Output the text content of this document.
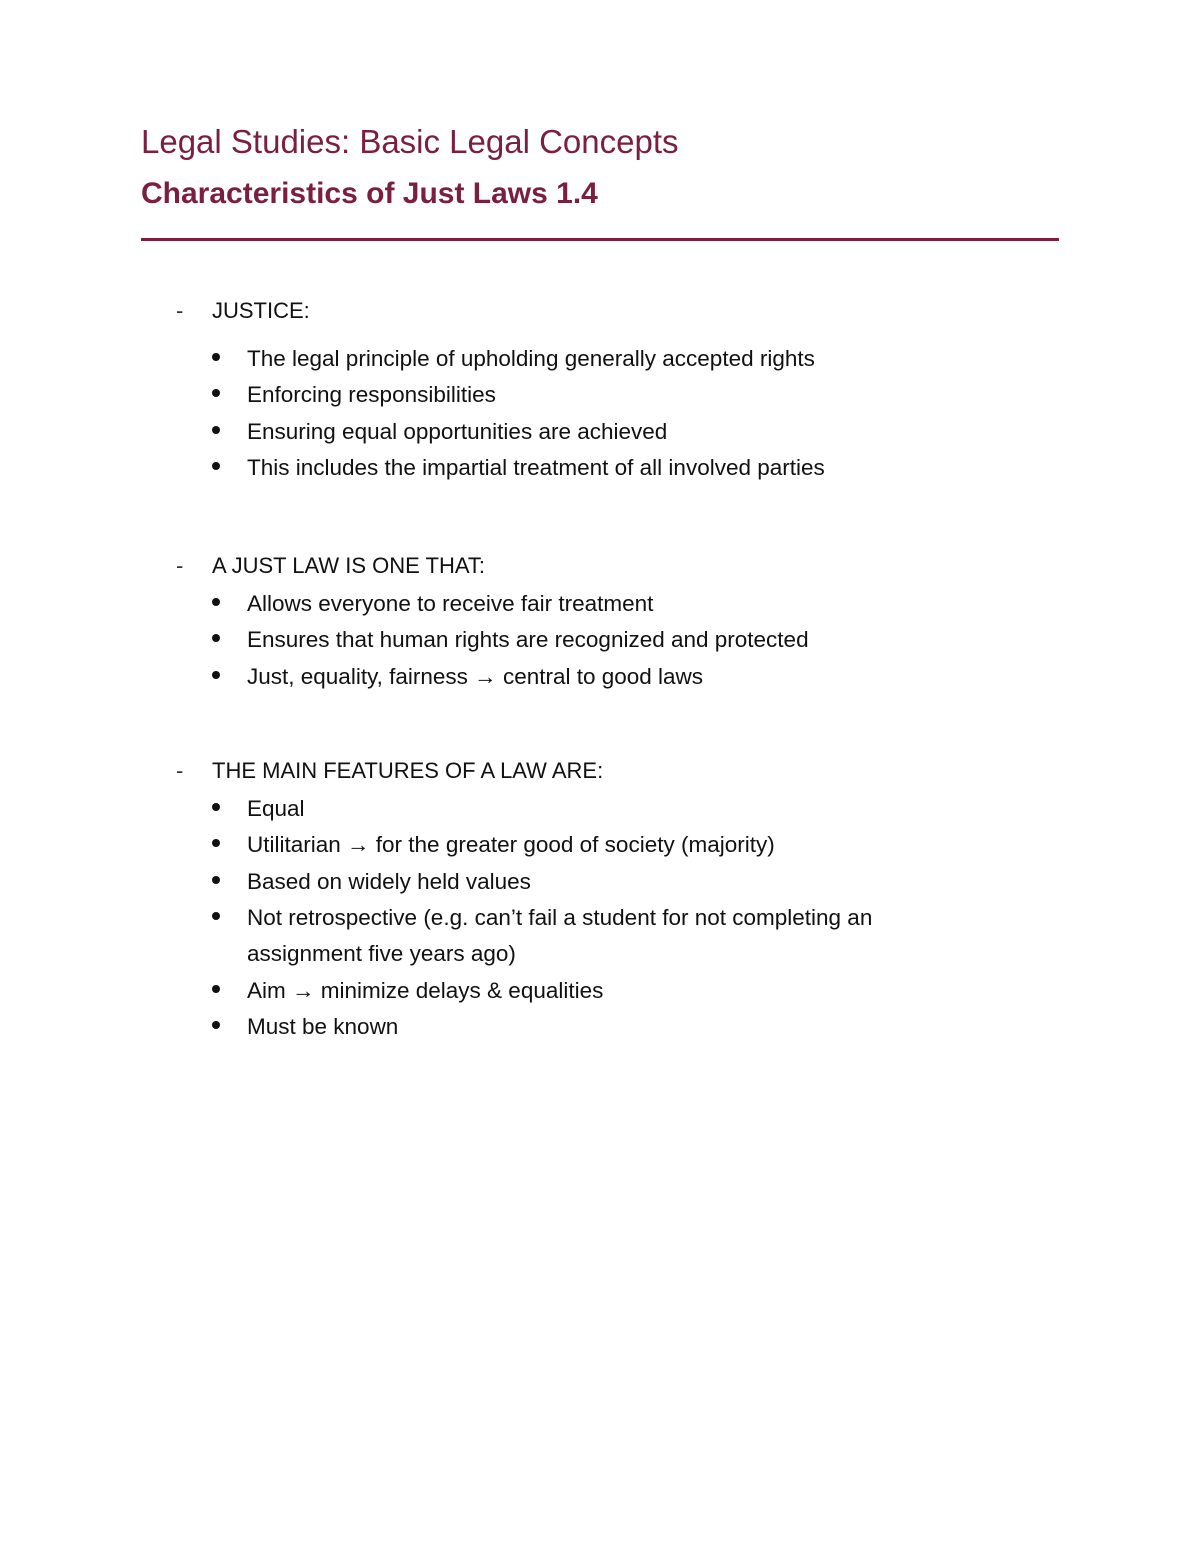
Legal Studies: Basic Legal Concepts
Characteristics of Just Laws 1.4
- JUSTICE:
The legal principle of upholding generally accepted rights
Enforcing responsibilities
Ensuring equal opportunities are achieved
This includes the impartial treatment of all involved parties
- A JUST LAW IS ONE THAT:
Allows everyone to receive fair treatment
Ensures that human rights are recognized and protected
Just, equality, fairness → central to good laws
- THE MAIN FEATURES OF A LAW ARE:
Equal
Utilitarian → for the greater good of society (majority)
Based on widely held values
Not retrospective (e.g. can’t fail a student for not completing an assignment five years ago)
Aim → minimize delays & equalities
Must be known
